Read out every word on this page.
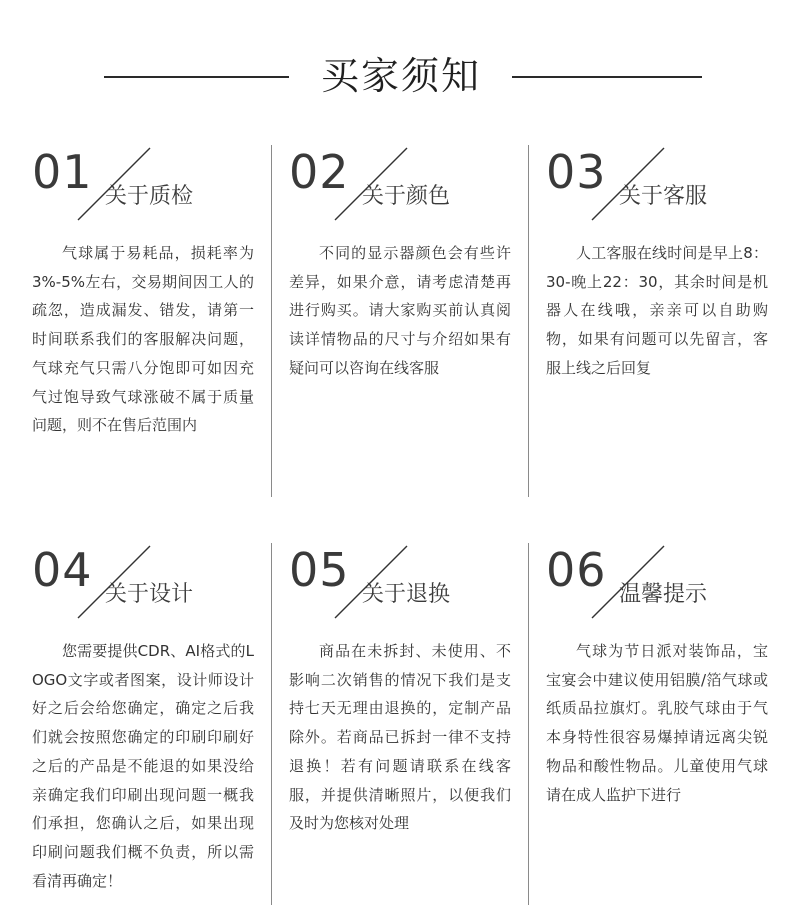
买家须知
01 关于质检
气球属于易耗品，损耗率为3%-5%左右，交易期间因工人的疏忽，造成漏发、错发，请第一时间联系我们的客服解决问题，气球充气只需八分饱即可如因充气过饱导致气球涨破不属于质量问题，则不在售后范围内
02 关于颜色
不同的显示器颜色会有些许差异，如果介意，请考虑清楚再进行购买。请大家购买前认真阅读详情物品的尺寸与介绍如果有疑问可以咨询在线客服
03 关于客服
人工客服在线时间是早上8：30-晚上22：30，其余时间是机器人在线哦，亲亲可以自助购物，如果有问题可以先留言，客服上线之后回复
04 关于设计
您需要提供CDR、AI格式的LOGO文字或者图案，设计师设计好之后会给您确定，确定之后我们就会按照您确定的印刷印刷好之后的产品是不能退的如果没给亲确定我们印刷出现问题一概我们承担，您确认之后，如果出现印刷问题我们概不负责，所以需看清再确定！
05 关于退换
商品在未拆封、未使用、不影响二次销售的情况下我们是支持七天无理由退换的，定制产品除外。若商品已拆封一律不支持退换！若有问题请联系在线客服，并提供清晰照片，以便我们及时为您核对处理
06 温馨提示
气球为节日派对装饰品，宝宝宴会中建议使用铝膜/箔气球或纸质品拉旗灯。乳胶气球由于气本身特性很容易爆掉请远离尖锐物品和酸性物品。儿童使用气球请在成人监护下进行
